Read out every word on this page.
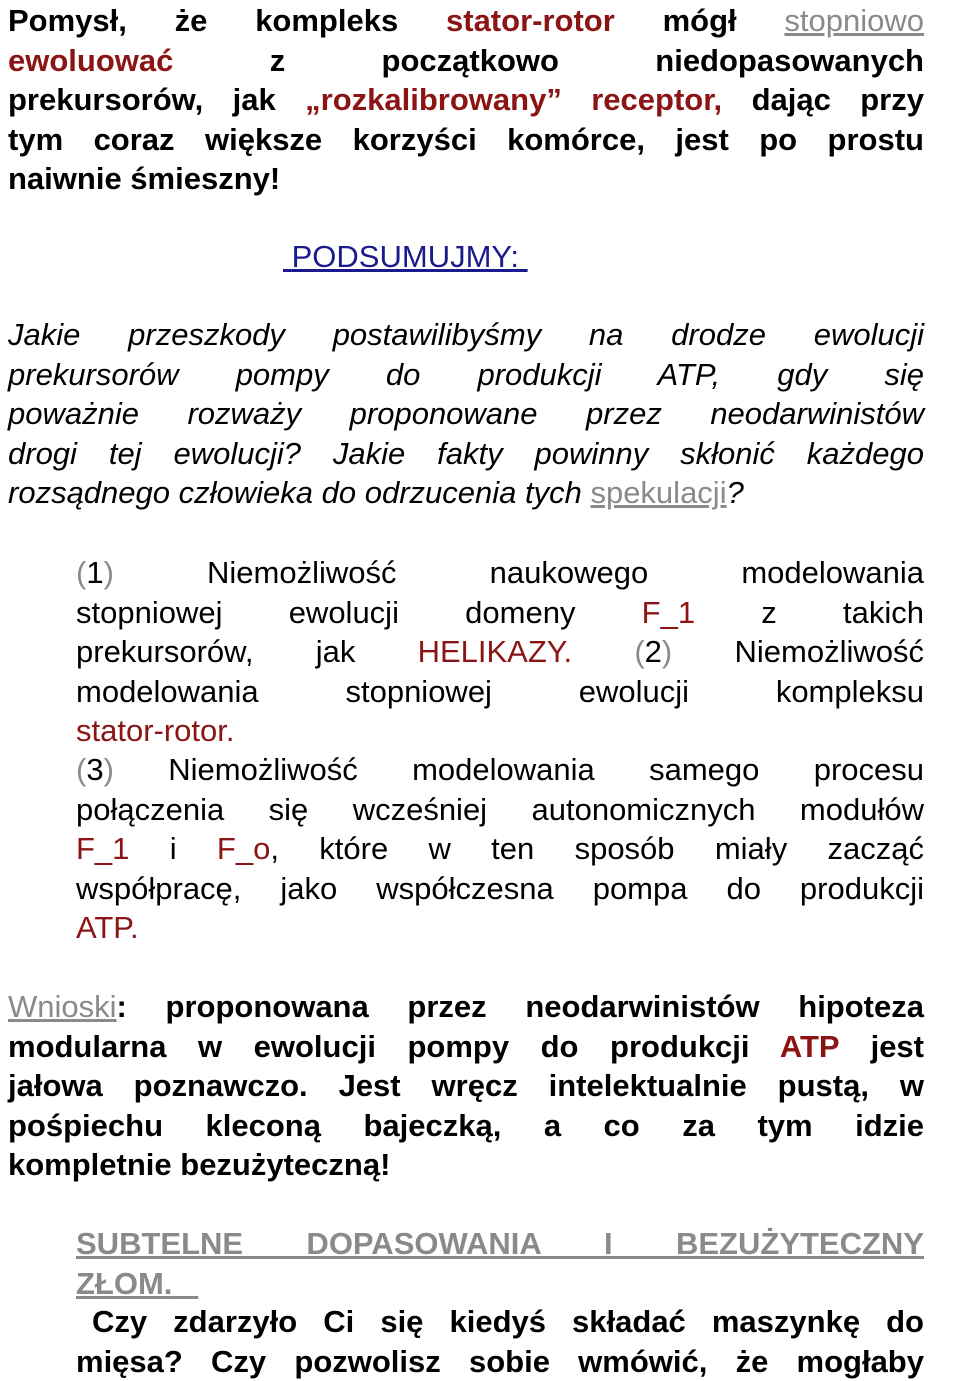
Pomysł, że kompleks stator-rotor mógł stopniowo
ewoluować z początkowo niedopasowanych
prekursorów, jak „rozkalibrowany” receptor, dając przy
tym coraz większe korzyści komórce, jest po prostu
naiwnie śmieszny!
PODSUMUJMY:
Jakie przeszkody postawilibyśmy na drodze ewolucji
prekursorów pompy do produkcji ATP, gdy się
poważnie rozważy proponowane przez neodarwinistów
drogi tej ewolucji? Jakie fakty powinny skłonić każdego
rozsądnego człowieka do odrzucenia tych spekulacji?
(1) Niemożliwość naukowego modelowania
stopniowej ewolucji domeny F_1 z takich
prekursorów, jak HELIKAZY. (2) Niemożliwość
modelowania stopniowej ewolucji kompleksu
stator-rotor.
(3) Niemożliwość modelowania samego procesu
połączenia się wcześniej autonomicznych modułów
F_1 i F_o, które w ten sposób miały zacząć
współpracę, jako współczesna pompa do produkcji
ATP.
Wnioski: proponowana przez neodarwinistów hipoteza
modularna w ewolucji pompy do produkcji ATP jest
jałowa poznawczo. Jest wręcz intelektualnie pustą, w
pośpiechu kleconą bajeczką, a co za tym idzie
kompletnie bezużyteczną!
SUBTELNE DOPASOWANIA I BEZUŻYTECZNY
ZŁOM.
Czy zdarzyło Ci się kiedyś składać maszynkę do
mięsa? Czy pozwolisz sobie wmówić, że mogłaby
